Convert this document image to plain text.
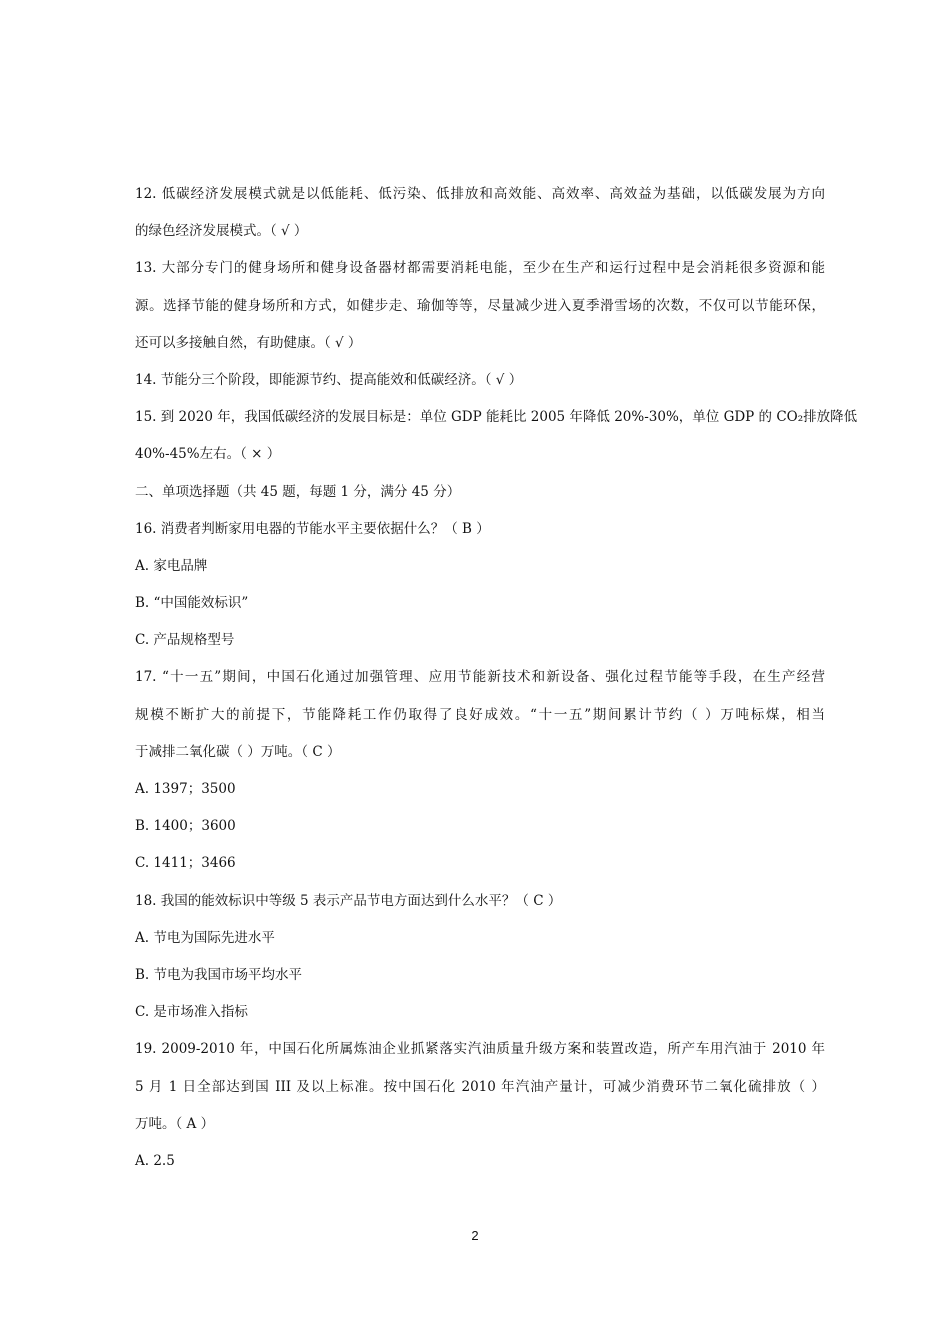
12. 低碳经济发展模式就是以低能耗、低污染、低排放和高效能、高效率、高效益为基础，以低碳发展为方向
的绿色经济发展模式。（ √ ）
13. 大部分专门的健身场所和健身设备器材都需要消耗电能，至少在生产和运行过程中是会消耗很多资源和能
源。选择节能的健身场所和方式，如健步走、瑜伽等等，尽量减少进入夏季滑雪场的次数，不仅可以节能环保，
还可以多接触自然，有助健康。（ √ ）
14. 节能分三个阶段，即能源节约、提高能效和低碳经济。（ √ ）
15. 到 2020 年，我国低碳经济的发展目标是：单位 GDP 能耗比 2005 年降低 20%-30%，单位 GDP 的 CO₂排放降低
40%-45%左右。（ × ）
二、单项选择题（共 45 题，每题 1 分，满分 45 分）
16. 消费者判断家用电器的节能水平主要依据什么？（ B ）
A. 家电品牌
B. “中国能效标识”
C. 产品规格型号
17. “十一五”期间，中国石化通过加强管理、应用节能新技术和新设备、强化过程节能等手段，在生产经营
规模不断扩大的前提下，节能降耗工作仍取得了良好成效。“十一五”期间累计节约（ ）万吨标煤，相当
于减排二氧化碳（ ）万吨。（ C ）
A. 1397；3500
B. 1400；3600
C. 1411；3466
18. 我国的能效标识中等级 5 表示产品节电方面达到什么水平？（ C ）
A. 节电为国际先进水平
B. 节电为我国市场平均水平
C. 是市场准入指标
19. 2009-2010 年，中国石化所属炼油企业抓紧落实汽油质量升级方案和装置改造，所产车用汽油于 2010 年
5 月 1 日全部达到国 III 及以上标准。按中国石化 2010 年汽油产量计，可减少消费环节二氧化硫排放（ ）
万吨。（ A ）
A. 2.5
2
